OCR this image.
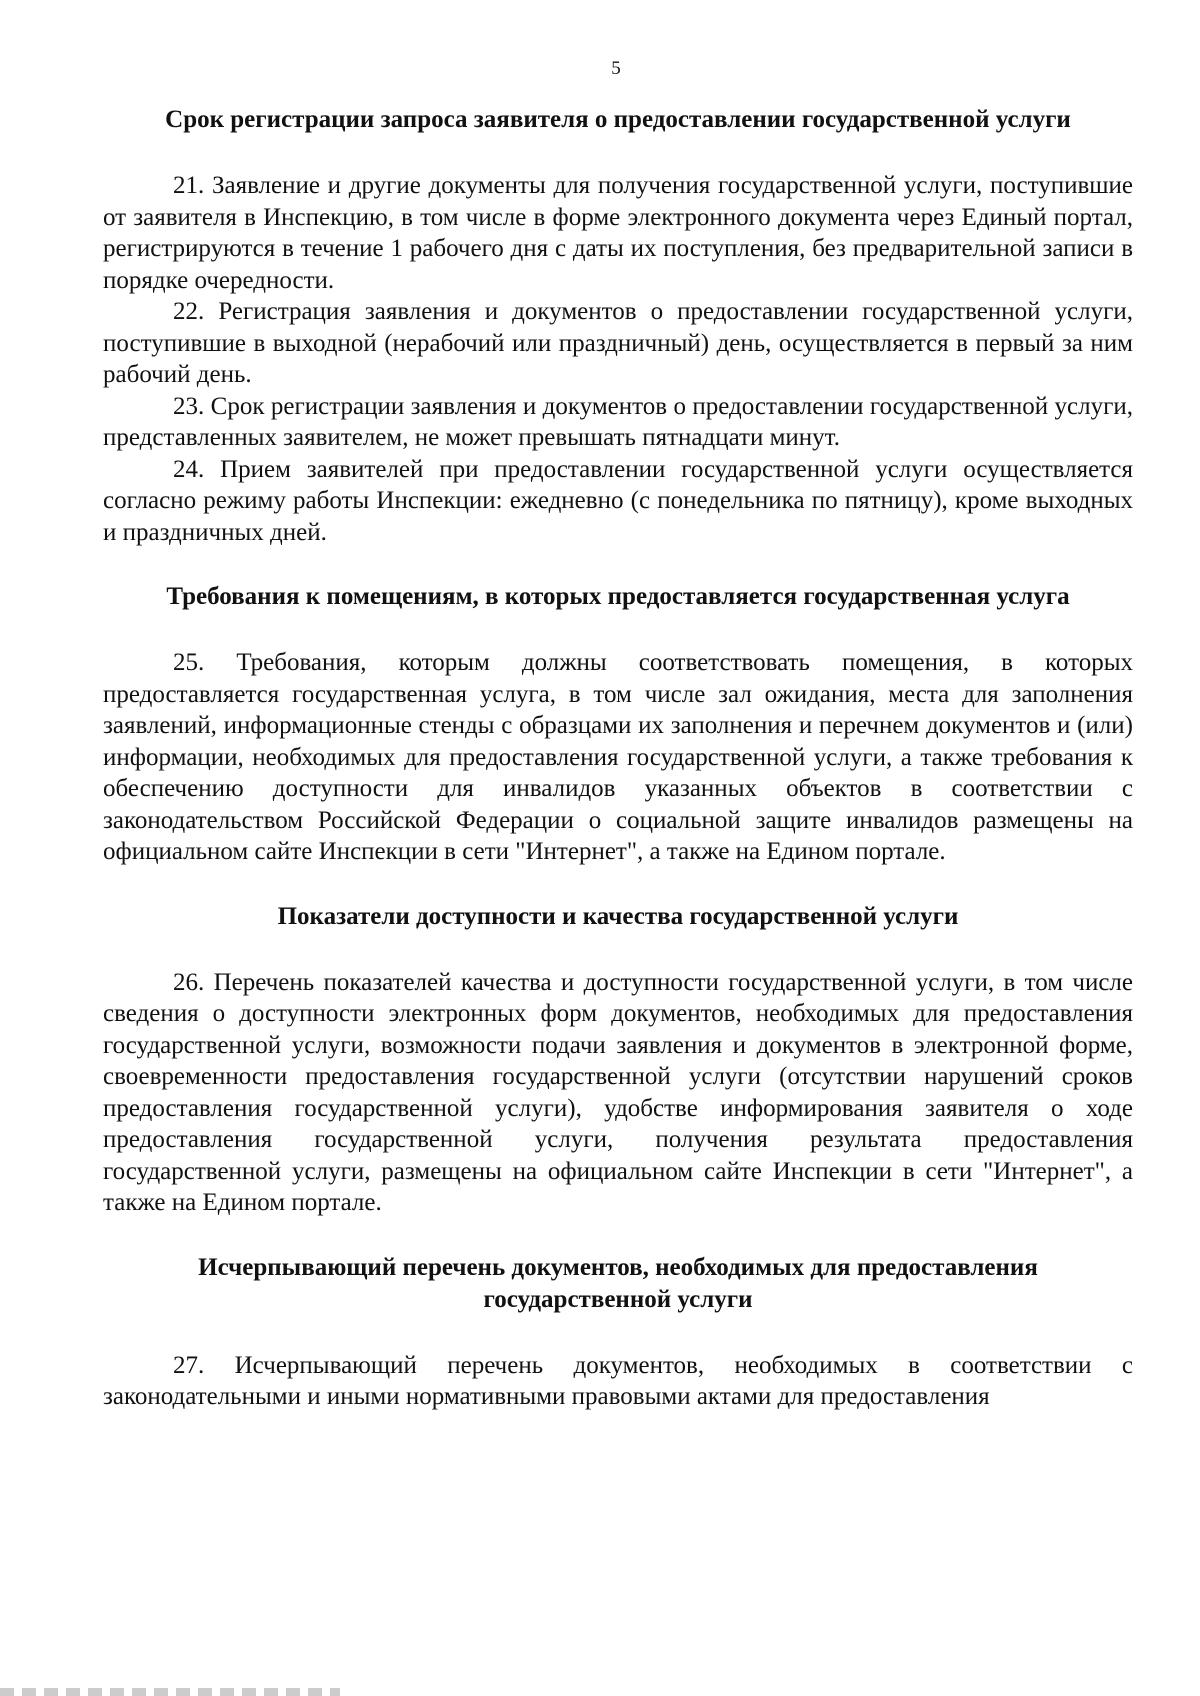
5
Срок регистрации запроса заявителя о предоставлении государственной услуги

21. Заявление и другие документы для получения государственной услуги, поступившие от заявителя в Инспекцию, в том числе в форме электронного документа через Единый портал, регистрируются в течение 1 рабочего дня с даты их поступления, без предварительной записи в порядке очередности.

22. Регистрация заявления и документов о предоставлении государственной услуги, поступившие в выходной (нерабочий или праздничный) день, осуществляется в первый за ним рабочий день.

23. Срок регистрации заявления и документов о предоставлении государственной услуги, представленных заявителем, не может превышать пятнадцати минут.

24. Прием заявителей при предоставлении государственной услуги осуществляется согласно режиму работы Инспекции: ежедневно (с понедельника по пятницу), кроме выходных и праздничных дней.

Требования к помещениям, в которых предоставляется государственная услуга

25. Требования, которым должны соответствовать помещения, в которых предоставляется государственная услуга, в том числе зал ожидания, места для заполнения заявлений, информационные стенды с образцами их заполнения и перечнем документов и (или) информации, необходимых для предоставления государственной услуги, а также требования к обеспечению доступности для инвалидов указанных объектов в соответствии с законодательством Российской Федерации о социальной защите инвалидов размещены на официальном сайте Инспекции в сети "Интернет", а также на Едином портале.

Показатели доступности и качества государственной услуги

26. Перечень показателей качества и доступности государственной услуги, в том числе сведения о доступности электронных форм документов, необходимых для предоставления государственной услуги, возможности подачи заявления и документов в электронной форме, своевременности предоставления государственной услуги (отсутствии нарушений сроков предоставления государственной услуги), удобстве информирования заявителя о ходе предоставления государственной услуги, получения результата предоставления государственной услуги, размещены на официальном сайте Инспекции в сети "Интернет", а также на Едином портале.

Исчерпывающий перечень документов, необходимых для предоставления государственной услуги

27. Исчерпывающий перечень документов, необходимых в соответствии с законодательными и иными нормативными правовыми актами для предоставления
